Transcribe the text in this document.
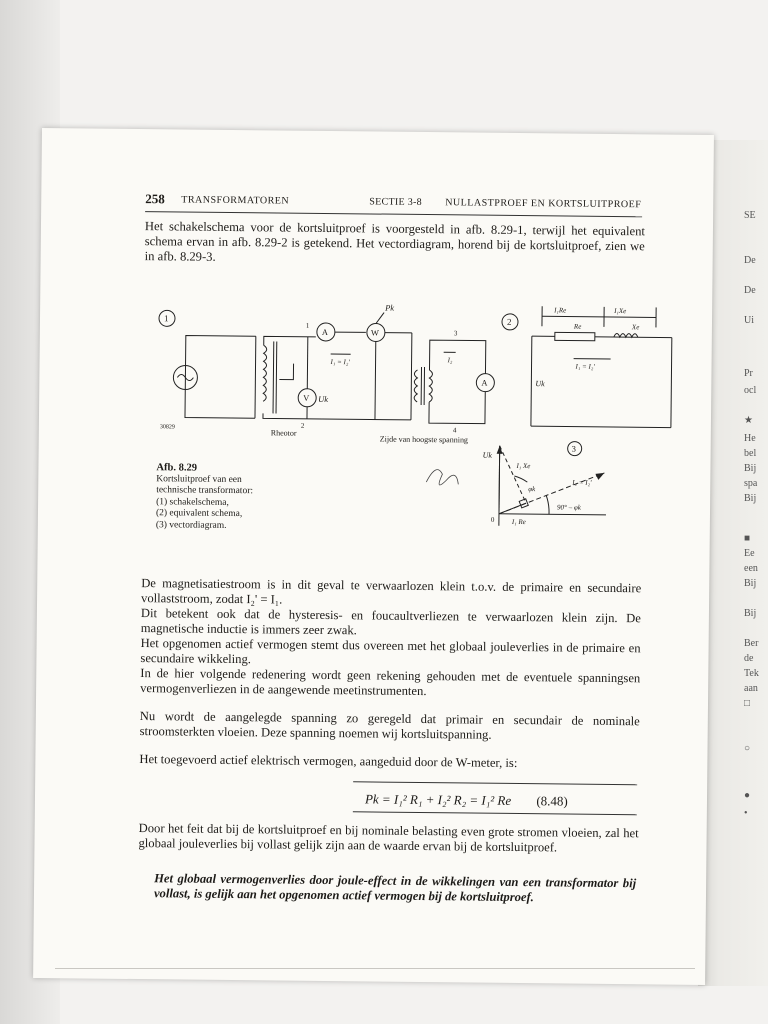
SE
De
De
Ui
Pr
ocl
★
He
bel
Bij
spa
Bij
■
Ee
een
Bij
Bij
Ber
de
Tek
aan
□
○
●
•
258 TRANSFORMATOREN	SECTIE 3-8 NULLASTPROEF EN KORTSLUITPROEF
Het schakelschema voor de kortsluitproef is voorgesteld in afb. 8.29-1, terwijl het equivalent schema ervan in afb. 8.29-2 is getekend. Het vectordiagram, horend bij de kortsluitproef, zien we in afb. 8.29-3.
1	2
3
A	W
V
A
Pk
Uk
I₁ = I₂'	I₂
1
2
3
4
30829
Rheotor
Zijde van hoogste spanning
I₁Re	I₁Xe
Re	Xe
I₁ = I₂'
Uk
Uk
I₁ Xe
φk
I₁ = I₂'
90° – φk
0 I₁ Re
Afb. 8.29
Kortsluitproef van een
technische transformator:
(1) schakelschema,
(2) equivalent schema,
(3) vectordiagram.
De magnetisatiestroom is in dit geval te verwaarlozen klein t.o.v. de primaire en secundaire vollaststroom, zodat I₂' = I₁.
Dit betekent ook dat de hysteresis- en foucaultverliezen te verwaarlozen klein zijn. De magnetische inductie is immers zeer zwak.
Het opgenomen actief vermogen stemt dus overeen met het globaal jouleverlies in de primaire en secundaire wikkeling.
In de hier volgende redenering wordt geen rekening gehouden met de eventuele spanningsen vermogenverliezen in de aangewende meetinstrumenten.
Nu wordt de aangelegde spanning zo geregeld dat primair en secundair de nominale stroomsterkten vloeien. Deze spanning noemen wij kortsluitspanning.
Het toegevoerd actief elektrisch vermogen, aangeduid door de W-meter, is:
Pk = I₁² R₁ + I₂² R₂ = I₁² Re (8.48)
Door het feit dat bij de kortsluitproef en bij nominale belasting even grote stromen vloeien, zal het globaal jouleverlies bij vollast gelijk zijn aan de waarde ervan bij de kortsluitproef.
Het globaal vermogenverlies door joule-effect in de wikkelingen van een transformator bij vollast, is gelijk aan het opgenomen actief vermogen bij de kortsluitproef.
